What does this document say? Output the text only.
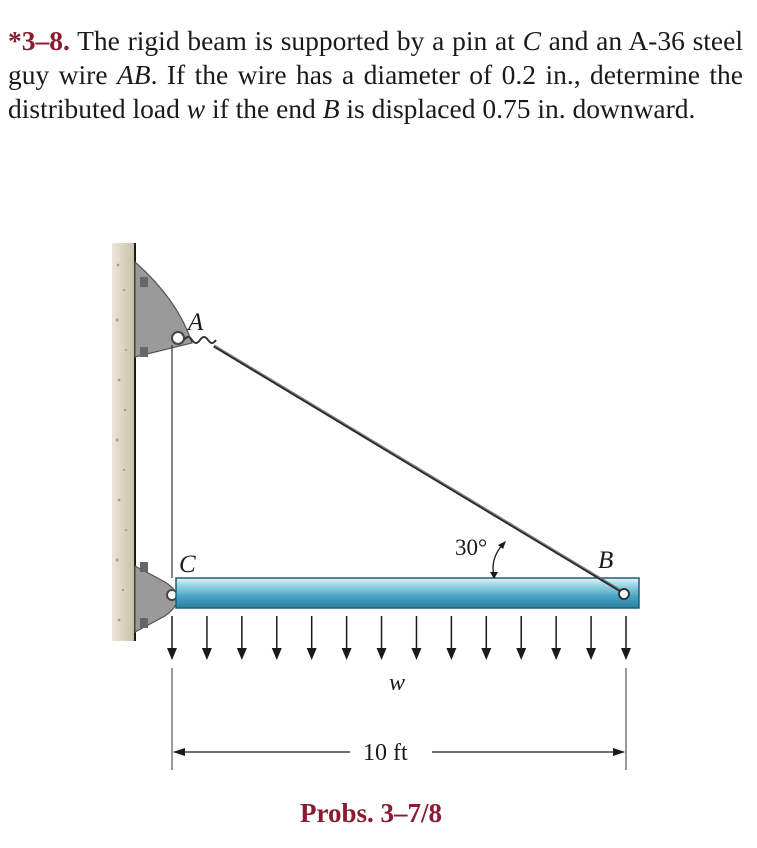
*3–8. The rigid beam is supported by a pin at C and an A-36 steel guy wire AB. If the wire has a diameter of 0.2 in., determine the distributed load w if the end B is displaced 0.75 in. downward.

A
C	B
30°
w
10 ft

Probs. 3–7/8
